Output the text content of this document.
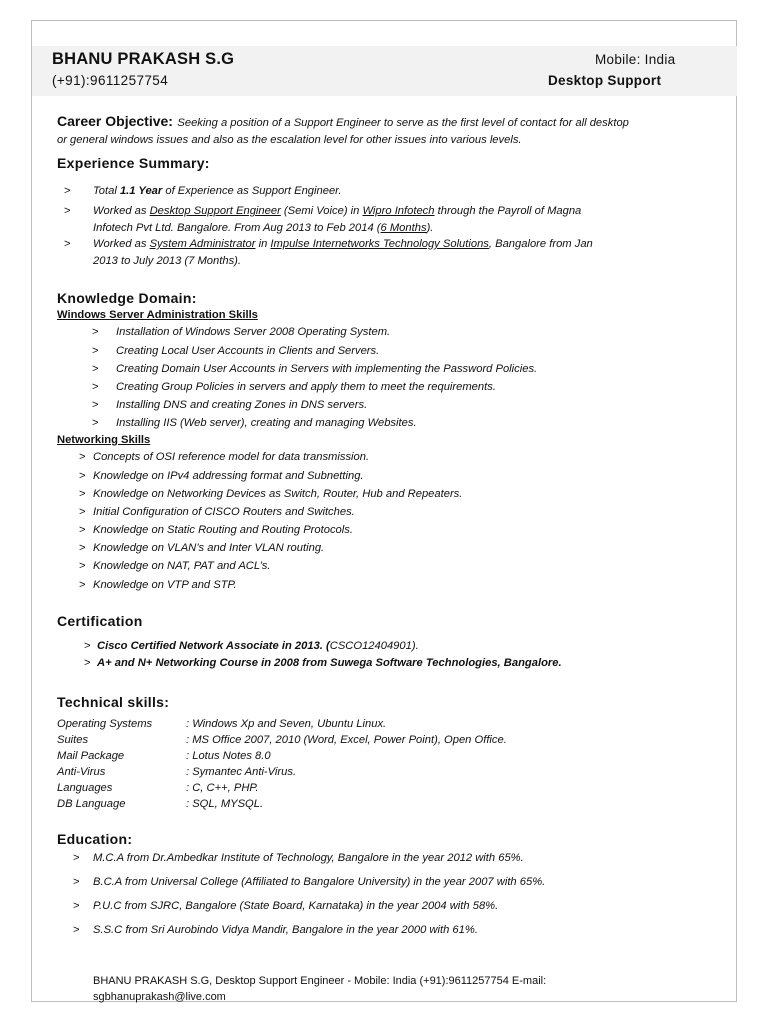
BHANU PRAKASH S.G
(+91):9611257754
Mobile: India
Desktop Support
Career Objective: Seeking a position of a Support Engineer to serve as the first level of contact for all desktop
or general windows issues and also as the escalation level for other issues into various levels.
Experience Summary:
> Total 1.1 Year of Experience as Support Engineer.
> Worked as Desktop Support Engineer (Semi Voice) in Wipro Infotech through the Payroll of Magna
Infotech Pvt Ltd. Bangalore. From Aug 2013 to Feb 2014 (6 Months).
> Worked as System Administrator in Impulse Internetworks Technology Solutions, Bangalore from Jan
2013 to July 2013 (7 Months).
Knowledge Domain:
Windows Server Administration Skills
> Installation of Windows Server 2008 Operating System.
> Creating Local User Accounts in Clients and Servers.
> Creating Domain User Accounts in Servers with implementing the Password Policies.
> Creating Group Policies in servers and apply them to meet the requirements.
> Installing DNS and creating Zones in DNS servers.
> Installing IIS (Web server), creating and managing Websites.
Networking Skills
> Concepts of OSI reference model for data transmission.
> Knowledge on IPv4 addressing format and Subnetting.
> Knowledge on Networking Devices as Switch, Router, Hub and Repeaters.
> Initial Configuration of CISCO Routers and Switches.
> Knowledge on Static Routing and Routing Protocols.
> Knowledge on VLAN’s and Inter VLAN routing.
> Knowledge on NAT, PAT and ACL’s.
> Knowledge on VTP and STP.
Certification
> Cisco Certified Network Associate in 2013. (CSCO12404901).
> A+ and N+ Networking Course in 2008 from Suwega Software Technologies, Bangalore.
Technical skills:
Operating Systems	: Windows Xp and Seven, Ubuntu Linux.
Suites	: MS Office 2007, 2010 (Word, Excel, Power Point), Open Office.
Mail Package	: Lotus Notes 8.0
Anti-Virus	: Symantec Anti-Virus.
Languages	: C, C++, PHP.
DB Language	: SQL, MYSQL.
Education:
> M.C.A from Dr.Ambedkar Institute of Technology, Bangalore in the year 2012 with 65%.
> B.C.A from Universal College (Affiliated to Bangalore University) in the year 2007 with 65%.
> P.U.C from SJRC, Bangalore (State Board, Karnataka) in the year 2004 with 58%.
> S.S.C from Sri Aurobindo Vidya Mandir, Bangalore in the year 2000 with 61%.
BHANU PRAKASH S.G, Desktop Support Engineer - Mobile: India (+91):9611257754 E-mail:
sgbhanuprakash@live.com
